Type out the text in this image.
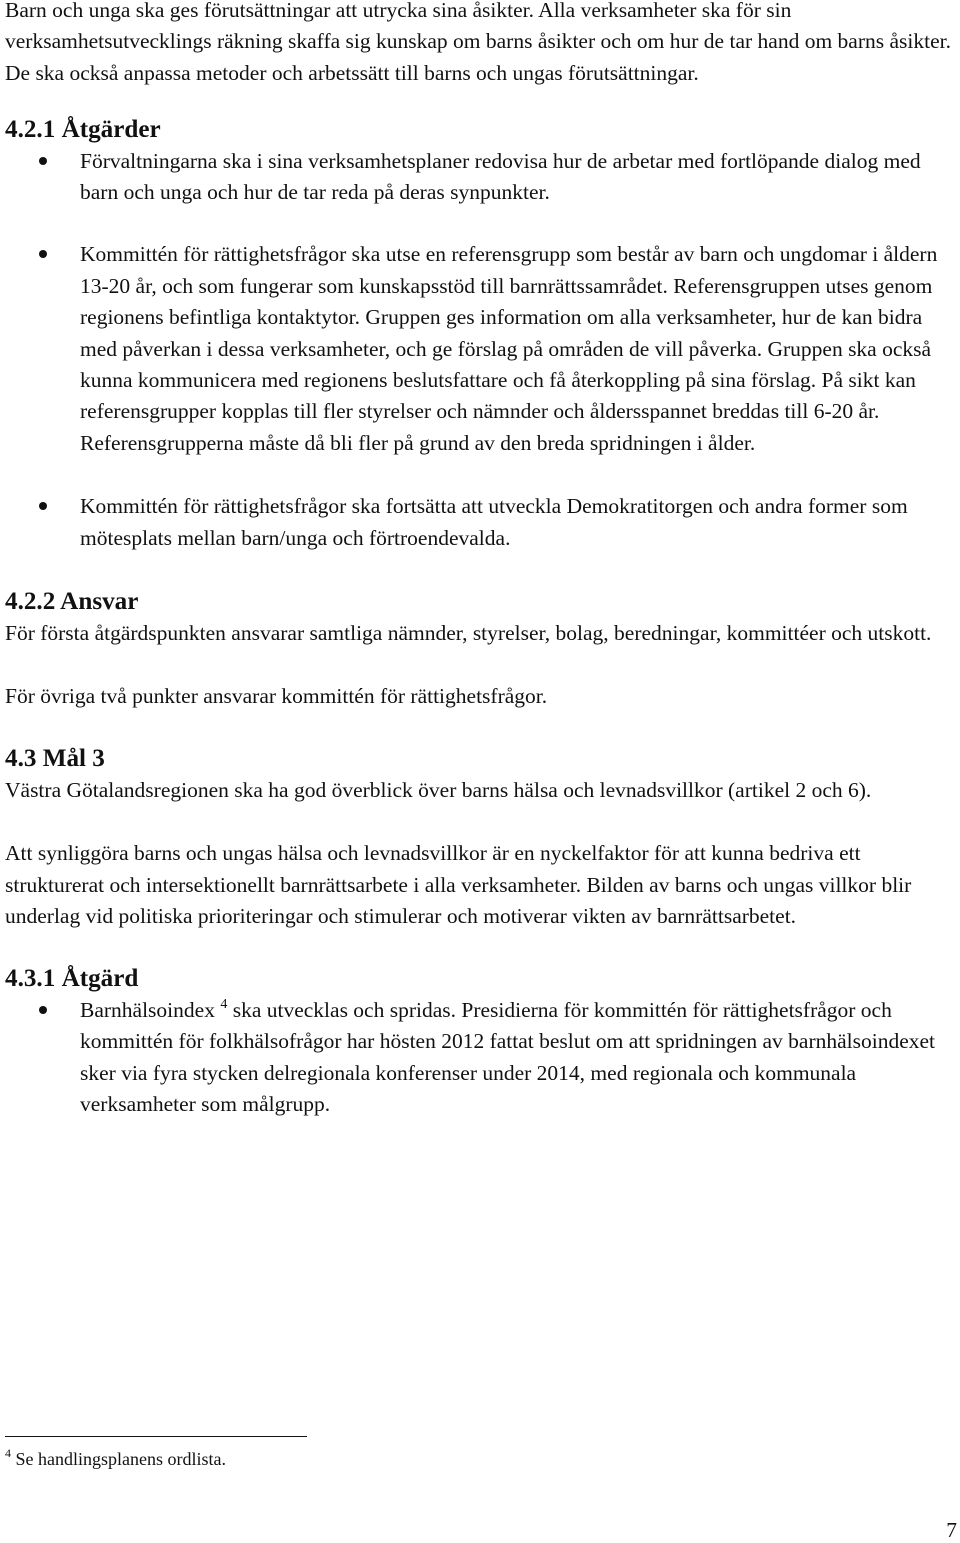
Barn och unga ska ges förutsättningar att utrycka sina åsikter. Alla verksamheter ska för sin verksamhetsutvecklings räkning skaffa sig kunskap om barns åsikter och om hur de tar hand om barns åsikter. De ska också anpassa metoder och arbetssätt till barns och ungas förutsättningar.

4.2.1 Åtgärder
Förvaltningarna ska i sina verksamhetsplaner redovisa hur de arbetar med fortlöpande dialog med barn och unga och hur de tar reda på deras synpunkter.
Kommittén för rättighetsfrågor ska utse en referensgrupp som består av barn och ungdomar i åldern 13-20 år, och som fungerar som kunskapsstöd till barnrättssamrådet. Referensgruppen utses genom regionens befintliga kontaktytor. Gruppen ges information om alla verksamheter, hur de kan bidra med påverkan i dessa verksamheter, och ge förslag på områden de vill påverka. Gruppen ska också kunna kommunicera med regionens beslutsfattare och få återkoppling på sina förslag. På sikt kan referensgrupper kopplas till fler styrelser och nämnder och åldersspannet breddas till 6-20 år. Referensgrupperna måste då bli fler på grund av den breda spridningen i ålder.
Kommittén för rättighetsfrågor ska fortsätta att utveckla Demokratitorgen och andra former som mötesplats mellan barn/unga och förtroendevalda.
4.2.2 Ansvar

För första åtgärdspunkten ansvarar samtliga nämnder, styrelser, bolag, beredningar, kommittéer och utskott.

För övriga två punkter ansvarar kommittén för rättighetsfrågor.

4.3 Mål 3

Västra Götalandsregionen ska ha god överblick över barns hälsa och levnadsvillkor (artikel 2 och 6).

Att synliggöra barns och ungas hälsa och levnadsvillkor är en nyckelfaktor för att kunna bedriva ett strukturerat och intersektionellt barnrättsarbete i alla verksamheter. Bilden av barns och ungas villkor blir underlag vid politiska prioriteringar och stimulerar och motiverar vikten av barnrättsarbetet.

4.3.1 Åtgärd
Barnhälsoindex $^4$ ska utvecklas och spridas. Presidierna för kommittén för rättighetsfrågor och kommittén för folkhälsofrågor har hösten 2012 fattat beslut om att spridningen av barnhälsoindexet sker via fyra stycken delregionala konferenser under 2014, med regionala och kommunala verksamheter som målgrupp.
$^4$ Se handlingsplanens ordlista.
7
